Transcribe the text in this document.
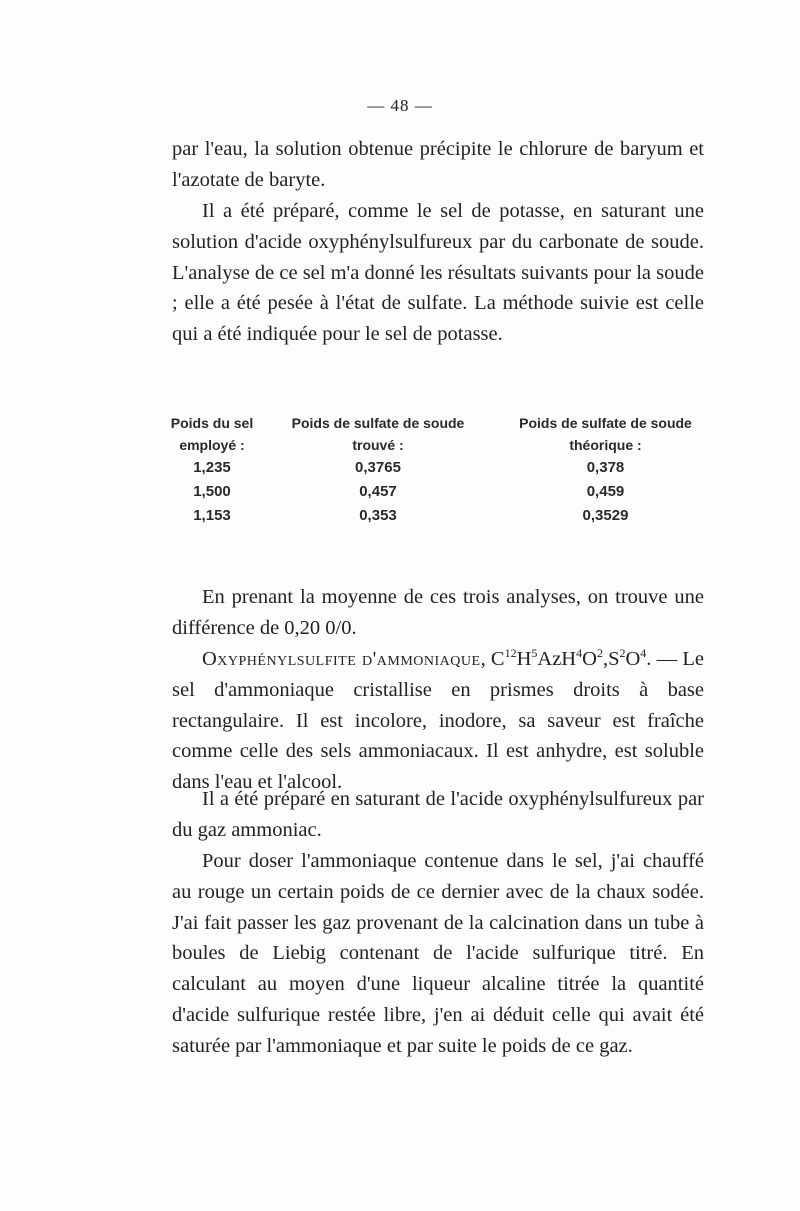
— 48 —

par l'eau, la solution obtenue précipite le chlorure de baryum et l'azotate de baryte.

Il a été préparé, comme le sel de potasse, en saturant une solution d'acide oxyphénylsulfureux par du carbonate de soude. L'analyse de ce sel m'a donné les résultats suivants pour la soude ; elle a été pesée à l'état de sulfate. La méthode suivie est celle qui a été indiquée pour le sel de potasse.

Poids du sel	Poids de sulfate de soude	Poids de sulfate de soude
employé :	trouvé :	théorique :
1,235	0,3765	0,378
1,500	0,457	0,459
1,153	0,353	0,3529

En prenant la moyenne de ces trois analyses, on trouve une différence de 0,20 0/0.

Oxyphénylsulfite d'ammoniaque, $C^{12}H^5AzH^4O^2,S^2O^4$. — Le sel d'ammoniaque cristallise en prismes droits à base rectangulaire. Il est incolore, inodore, sa saveur est fraîche comme celle des sels ammoniacaux. Il est anhydre, est soluble dans l'eau et l'alcool.

Il a été préparé en saturant de l'acide oxyphénylsulfureux par du gaz ammoniac.

Pour doser l'ammoniaque contenue dans le sel, j'ai chauffé au rouge un certain poids de ce dernier avec de la chaux sodée. J'ai fait passer les gaz provenant de la calcination dans un tube à boules de Liebig contenant de l'acide sulfurique titré. En calculant au moyen d'une liqueur alcaline titrée la quantité d'acide sulfurique restée libre, j'en ai déduit celle qui avait été saturée par l'ammoniaque et par suite le poids de ce gaz.
